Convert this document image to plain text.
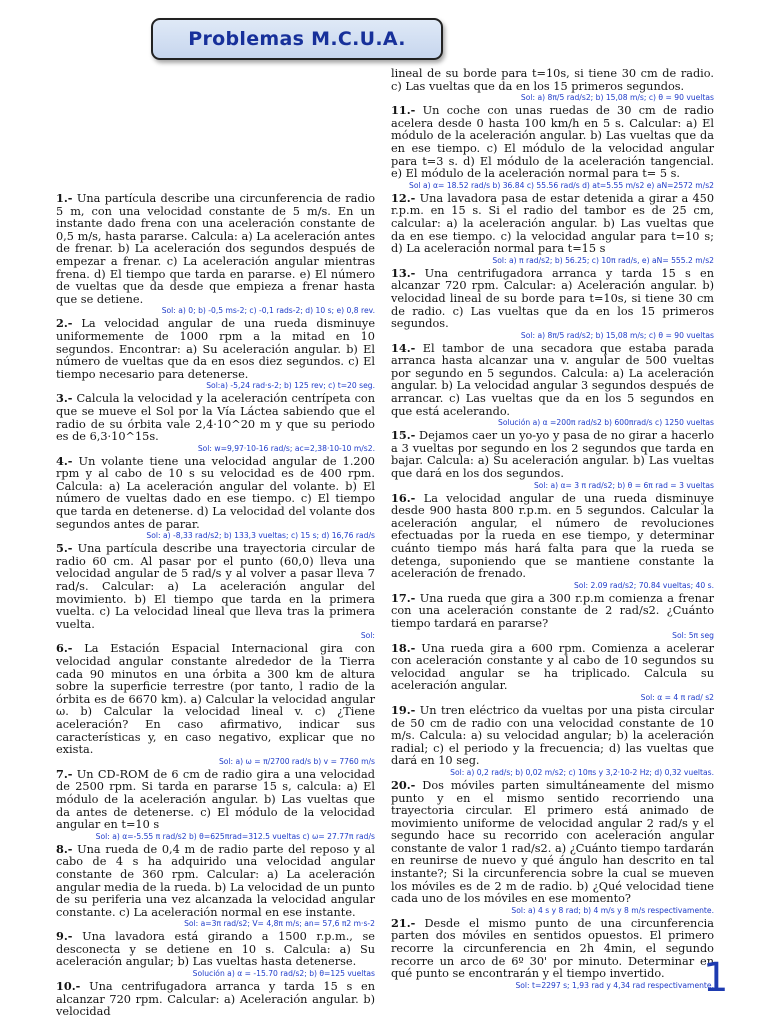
Problemas M.C.U.A.

1.- Una partícula describe una circunferencia de radio 5 m, con una velocidad constante de 5 m/s. En un instante dado frena con una aceleración constante de 0,5 m/s, hasta pararse. Calcula: a) La aceleración antes de frenar. b) La aceleración dos segundos después de empezar a frenar. c) La aceleración angular mientras frena. d) El tiempo que tarda en pararse. e) El número de vueltas que da desde que empieza a frenar hasta que se detiene.

Sol: a) 0; b) -0,5 ms-2; c) -0,1 rads-2; d) 10 s; e) 0,8 rev.

2.- La velocidad angular de una rueda disminuye uniformemente de 1000 rpm a la mitad en 10 segundos. Encontrar: a) Su aceleración angular. b) El número de vueltas que da en esos diez segundos. c) El tiempo necesario para detenerse.

Sol:a) -5,24 rad·s-2; b) 125 rev; c) t=20 seg.

3.- Calcula la velocidad y la aceleración centrípeta con que se mueve el Sol por la Vía Láctea sabiendo que el radio de su órbita vale 2,4·10^20 m y que su periodo es de 6,3·10^15s.

Sol: w=9,97·10-16 rad/s; ac=2,38·10-10 m/s2.

4.- Un volante tiene una velocidad angular de 1.200 rpm y al cabo de 10 s su velocidad es de 400 rpm. Calcula: a) La aceleración angular del volante. b) El número de vueltas dado en ese tiempo. c) El tiempo que tarda en detenerse. d) La velocidad del volante dos segundos antes de parar.

Sol: a) -8,33 rad/s2; b) 133,3 vueltas; c) 15 s; d) 16,76 rad/s

5.- Una partícula describe una trayectoria circular de radio 60 cm. Al pasar por el punto (60,0) lleva una velocidad angular de 5 rad/s y al volver a pasar lleva 7 rad/s. Calcular: a) La aceleración angular del movimiento. b) El tiempo que tarda en la primera vuelta. c) La velocidad lineal que lleva tras la primera vuelta.

Sol:

6.- La Estación Espacial Internacional gira con velocidad angular constante alrededor de la Tierra cada 90 minutos en una órbita a 300 km de altura sobre la superficie terrestre (por tanto, l radio de la órbita es de 6670 km). a) Calcular la velocidad angular ω. b) Calcular la velocidad lineal v. c) ¿Tiene aceleración? En caso afirmativo, indicar sus características y, en caso negativo, explicar que no exista.

Sol: a) ω = π/2700 rad/s b) v = 7760 m/s

7.- Un CD-ROM de 6 cm de radio gira a una velocidad de 2500 rpm. Si tarda en pararse 15 s, calcula: a) El módulo de la aceleración angular. b) Las vueltas que da antes de detenerse. c) El módulo de la velocidad angular en t=10 s

Sol: a) α=-5.55 π rad/s2 b) θ=625πrad=312.5 vueltas c) ω= 27.77π rad/s

8.- Una rueda de 0,4 m de radio parte del reposo y al cabo de 4 s ha adquirido una velocidad angular constante de 360 rpm. Calcular: a) La aceleración angular media de la rueda. b) La velocidad de un punto de su periferia una vez alcanzada la velocidad angular constante. c) La aceleración normal en ese instante.

Sol: a=3π rad/s2; V= 4,8π m/s; an= 57,6 π2 m·s-2

9.- Una lavadora está girando a 1500 r.p.m., se desconecta y se detiene en 10 s. Calcula: a) Su aceleración angular; b) Las vueltas hasta detenerse.

Solución a) α = -15.70 rad/s2; b) θ=125 vueltas

10.- Una centrifugadora arranca y tarda 15 s en alcanzar 720 rpm. Calcular: a) Aceleración angular. b) velocidad

lineal de su borde para t=10s, si tiene 30 cm de radio. c) Las vueltas que da en los 15 primeros segundos.

Sol: a) 8π/5 rad/s2; b) 15,08 m/s; c) θ = 90 vueltas

11.- Un coche con unas ruedas de 30 cm de radio acelera desde 0 hasta 100 km/h en 5 s. Calcular: a) El módulo de la aceleración angular. b) Las vueltas que da en ese tiempo. c) El módulo de la velocidad angular para t=3 s. d) El módulo de la aceleración tangencial. e) El módulo de la aceleración normal para t= 5 s.

Sol a) α= 18.52 rad/s b) 36.84 c) 55.56 rad/s d) at=5.55 m/s2 e) aN=2572 m/s2

12.- Una lavadora pasa de estar detenida a girar a 450 r.p.m. en 15 s. Si el radio del tambor es de 25 cm, calcular: a) la aceleración angular. b) Las vueltas que da en ese tiempo. c) la velocidad angular para t=10 s; d) La aceleración normal para t=15 s

Sol: a) π rad/s2; b) 56.25; c) 10π rad/s, e) aN= 555.2 m/s2

13.- Una centrifugadora arranca y tarda 15 s en alcanzar 720 rpm. Calcular: a) Aceleración angular. b) velocidad lineal de su borde para t=10s, si tiene 30 cm de radio. c) Las vueltas que da en los 15 primeros segundos.

Sol: a) 8π/5 rad/s2; b) 15,08 m/s; c) θ = 90 vueltas

14.- El tambor de una secadora que estaba parada arranca hasta alcanzar una v. angular de 500 vueltas por segundo en 5 segundos. Calcula: a) La aceleración angular. b) La velocidad angular 3 segundos después de arrancar. c) Las vueltas que da en los 5 segundos en que está acelerando.

Solución a) α =200π rad/s2 b) 600πrad/s c) 1250 vueltas

15.- Dejamos caer un yo-yo y pasa de no girar a hacerlo a 3 vueltas por segundo en los 2 segundos que tarda en bajar. Calcula: a) Su aceleración angular. b) Las vueltas que dará en los dos segundos.

Sol: a) α= 3 π rad/s2; b) θ = 6π rad = 3 vueltas

16.- La velocidad angular de una rueda disminuye desde 900 hasta 800 r.p.m. en 5 segundos. Calcular la aceleración angular, el número de revoluciones efectuadas por la rueda en ese tiempo, y determinar cuánto tiempo más hará falta para que la rueda se detenga, suponiendo que se mantiene constante la aceleración de frenado.

Sol: 2.09 rad/s2; 70.84 vueltas; 40 s.

17.- Una rueda que gira a 300 r.p.m comienza a frenar con una aceleración constante de 2 rad/s2. ¿Cuánto tiempo tardará en pararse?

Sol: 5π seg

18.- Una rueda gira a 600 rpm. Comienza a acelerar con aceleración constante y al cabo de 10 segundos su velocidad angular se ha triplicado. Calcula su aceleración angular.

Sol: α = 4 π rad/ s2

19.- Un tren eléctrico da vueltas por una pista circular de 50 cm de radio con una velocidad constante de 10 m/s. Calcula: a) su velocidad angular; b) la aceleración radial; c) el periodo y la frecuencia; d) las vueltas que dará en 10 seg.

Sol: a) 0,2 rad/s; b) 0,02 m/s2; c) 10πs y 3,2·10-2 Hz; d) 0,32 vueltas.

20.- Dos móviles parten simultáneamente del mismo punto y en el mismo sentido recorriendo una trayectoria circular. El primero está animado de movimiento uniforme de velocidad angular 2 rad/s y el segundo hace su recorrido con aceleración angular constante de valor 1 rad/s2. a) ¿Cuánto tiempo tardarán en reunirse de nuevo y qué ángulo han descrito en tal instante?; Si la circunferencia sobre la cual se mueven los móviles es de 2 m de radio. b) ¿Qué velocidad tiene cada uno de los móviles en ese momento?

Sol: a) 4 s y 8 rad; b) 4 m/s y 8 m/s respectivamente.

21.- Desde el mismo punto de una circunferencia parten dos móviles en sentidos opuestos. El primero recorre la circunferencia en 2h 4min, el segundo recorre un arco de 6º 30' por minuto. Determinar en qué punto se encontrarán y el tiempo invertido.

Sol: t=2297 s; 1,93 rad y 4,34 rad respectivamente.

1
